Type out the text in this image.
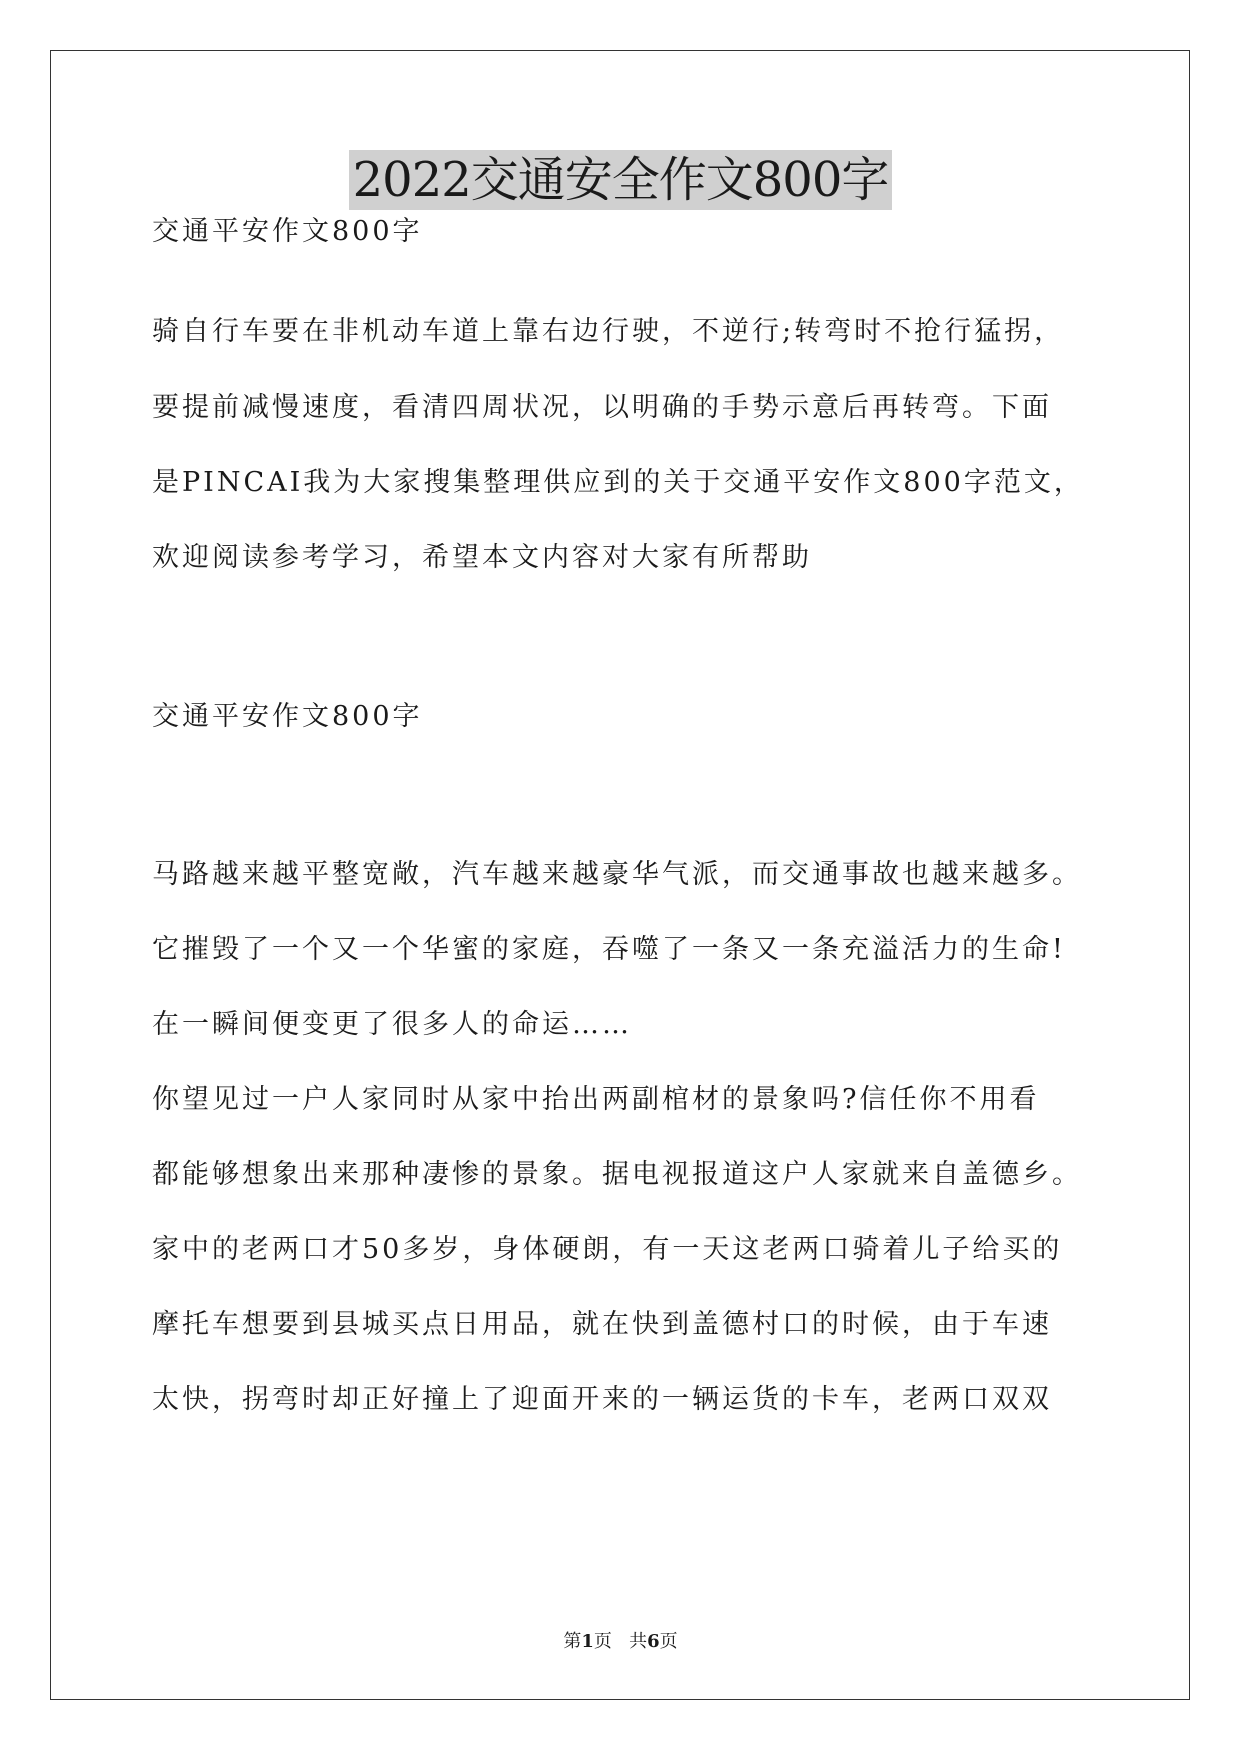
2022交通安全作文800字
交通平安作文800字
骑自行车要在非机动车道上靠右边行驶，不逆行;转弯时不抢行猛拐，
要提前减慢速度，看清四周状况，以明确的手势示意后再转弯。下面
是PINCAI我为大家搜集整理供应到的关于交通平安作文800字范文，
欢迎阅读参考学习，希望本文内容对大家有所帮助
交通平安作文800字
马路越来越平整宽敞，汽车越来越豪华气派，而交通事故也越来越多。
它摧毁了一个又一个华蜜的家庭，吞噬了一条又一条充溢活力的生命!
在一瞬间便变更了很多人的命运……
你望见过一户人家同时从家中抬出两副棺材的景象吗?信任你不用看
都能够想象出来那种凄惨的景象。据电视报道这户人家就来自盖德乡。
家中的老两口才50多岁，身体硬朗，有一天这老两口骑着儿子给买的
摩托车想要到县城买点日用品，就在快到盖德村口的时候，由于车速
太快，拐弯时却正好撞上了迎面开来的一辆运货的卡车，老两口双双
第1页 共6页
